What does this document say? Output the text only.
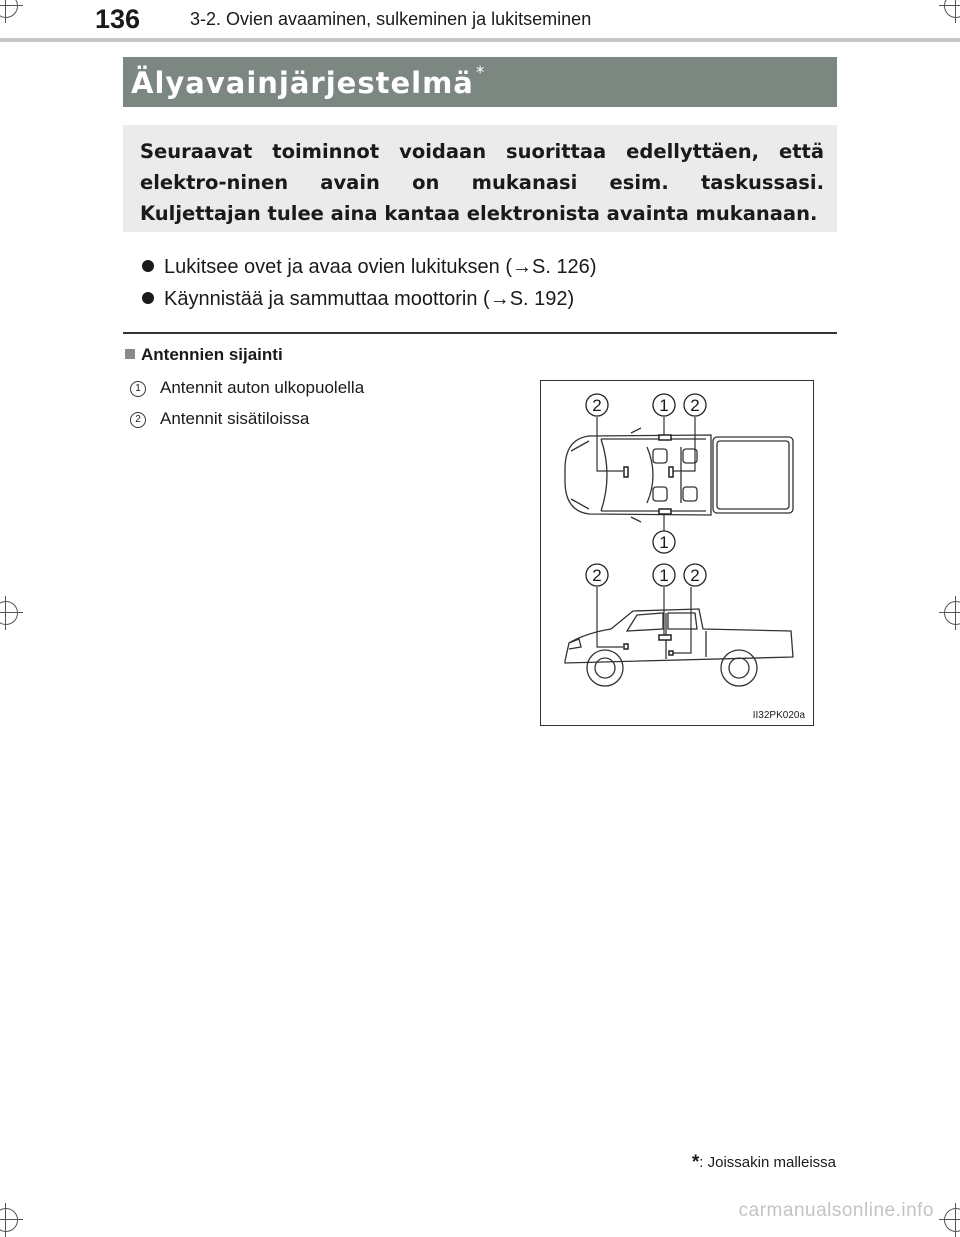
136	3-2. Ovien avaaminen, sulkeminen ja lukitseminen
Älyavainjärjestelmä *
Seuraavat toiminnot voidaan suorittaa edellyttäen, että elektro-ninen avain on mukanasi esim. taskussasi. Kuljettajan tulee aina kantaa elektronista avainta mukanaan.
Lukitsee ovet ja avaa ovien lukituksen (→S. 126)
Käynnistää ja sammuttaa moottorin (→S. 192)
Antennien sijainti
1 Antennit auton ulkopuolella
2 Antennit sisätiloissa
2	1 2
1
2	1 2
II32PK020a
*: Joissakin malleissa
carmanualsonline.info
